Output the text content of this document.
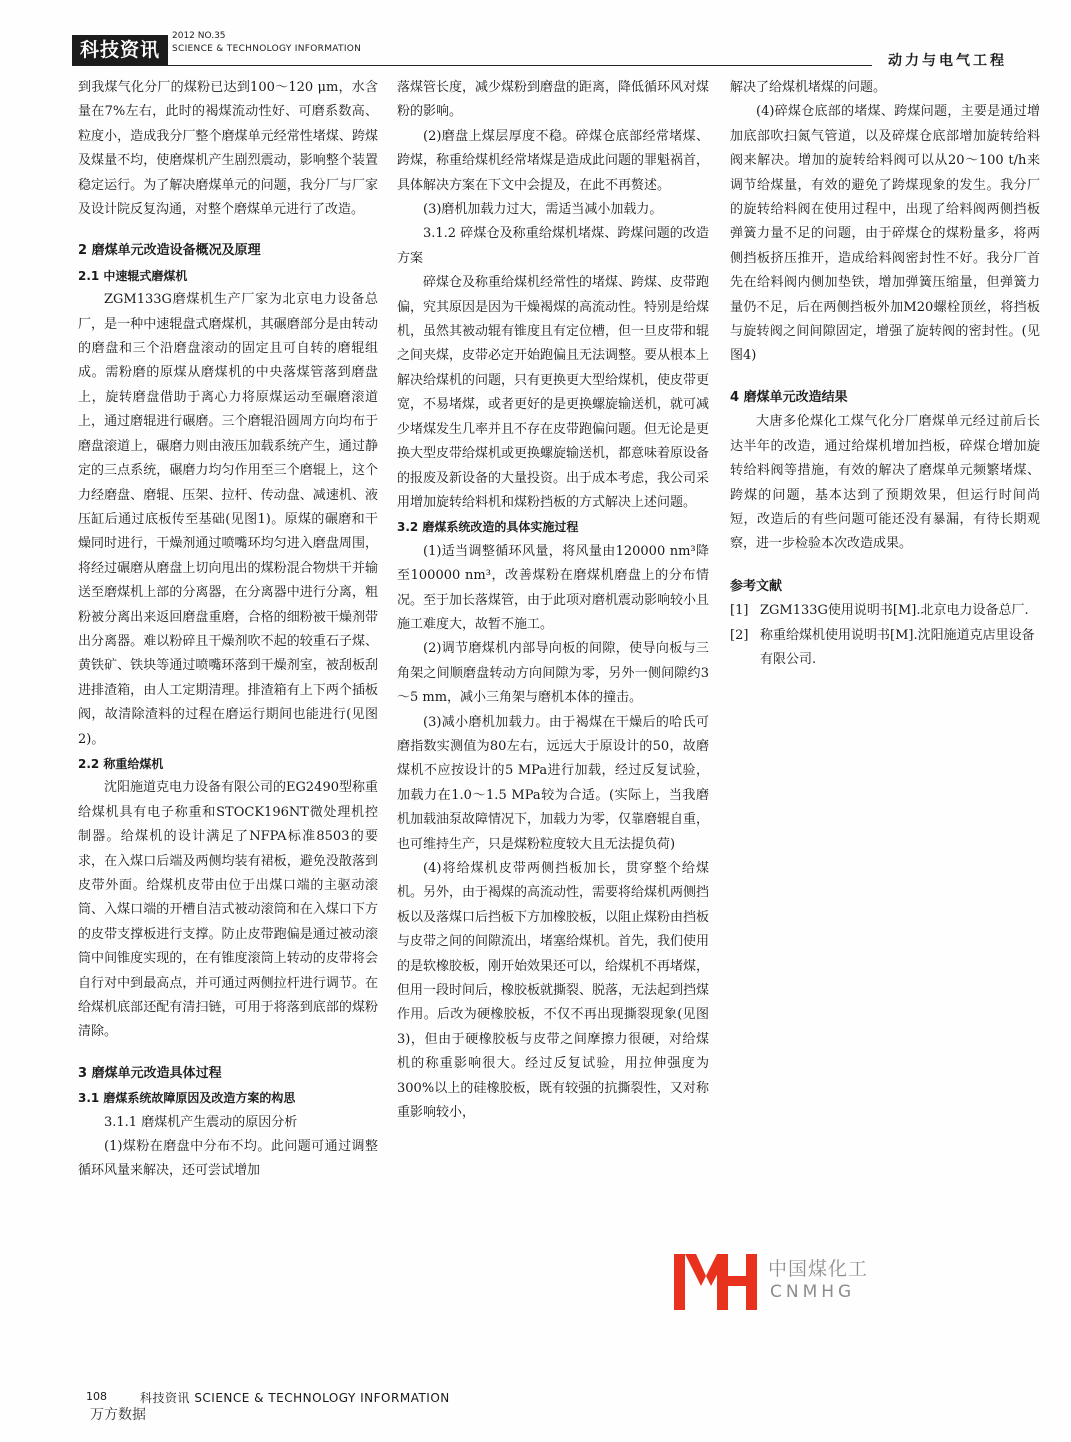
科技资讯
2012 NO.35
SCIENCE & TECHNOLOGY INFORMATION
动力与电气工程

到我煤气化分厂的煤粉已达到100～120 μm，水含量在7%左右，此时的褐煤流动性好、可磨系数高、粒度小，造成我分厂整个磨煤单元经常性堵煤、跨煤及煤量不均，使磨煤机产生剧烈震动，影响整个装置稳定运行。为了解决磨煤单元的问题，我分厂与厂家及设计院反复沟通，对整个磨煤单元进行了改造。

2 磨煤单元改造设备概况及原理

2.1 中速辊式磨煤机

ZGM133G磨煤机生产厂家为北京电力设备总厂，是一种中速辊盘式磨煤机，其碾磨部分是由转动的磨盘和三个沿磨盘滚动的固定且可自转的磨辊组成。需粉磨的原煤从磨煤机的中央落煤管落到磨盘上，旋转磨盘借助于离心力将原煤运动至碾磨滚道上，通过磨辊进行碾磨。三个磨辊沿圆周方向均布于磨盘滚道上，碾磨力则由液压加载系统产生，通过静定的三点系统，碾磨力均匀作用至三个磨辊上，这个力经磨盘、磨辊、压架、拉杆、传动盘、减速机、液压缸后通过底板传至基础(见图1)。原煤的碾磨和干燥同时进行，干燥剂通过喷嘴环均匀进入磨盘周围，将经过碾磨从磨盘上切向甩出的煤粉混合物烘干并输送至磨煤机上部的分离器，在分离器中进行分离，粗粉被分离出来返回磨盘重磨，合格的细粉被干燥剂带出分离器。难以粉碎且干燥剂吹不起的较重石子煤、黄铁矿、铁块等通过喷嘴环落到干燥剂室，被刮板刮进排渣箱，由人工定期清理。排渣箱有上下两个插板阀，故清除渣料的过程在磨运行期间也能进行(见图2)。

2.2 称重给煤机

沈阳施道克电力设备有限公司的EG2490型称重给煤机具有电子称重和STOCK196NT微处理机控制器。给煤机的设计满足了NFPA标准8503的要求，在入煤口后端及两侧均装有裙板，避免没散落到皮带外面。给煤机皮带由位于出煤口端的主驱动滚筒、入煤口端的开槽自洁式被动滚筒和在入煤口下方的皮带支撑板进行支撑。防止皮带跑偏是通过被动滚筒中间锥度实现的，在有锥度滚筒上转动的皮带将会自行对中到最高点，并可通过两侧拉杆进行调节。在给煤机底部还配有清扫链，可用于将落到底部的煤粉清除。

3 磨煤单元改造具体过程

3.1 磨煤系统故障原因及改造方案的构思

3.1.1 磨煤机产生震动的原因分析

(1)煤粉在磨盘中分布不均。此问题可通过调整循环风量来解决，还可尝试增加

落煤管长度，减少煤粉到磨盘的距离，降低循环风对煤粉的影响。

(2)磨盘上煤层厚度不稳。碎煤仓底部经常堵煤、跨煤，称重给煤机经常堵煤是造成此问题的罪魁祸首，具体解决方案在下文中会提及，在此不再赘述。

(3)磨机加载力过大，需适当减小加载力。

3.1.2 碎煤仓及称重给煤机堵煤、跨煤问题的改造方案

碎煤仓及称重给煤机经常性的堵煤、跨煤、皮带跑偏，究其原因是因为干燥褐煤的高流动性。特别是给煤机，虽然其被动辊有锥度且有定位槽，但一旦皮带和辊之间夹煤，皮带必定开始跑偏且无法调整。要从根本上解决给煤机的问题，只有更换更大型给煤机，使皮带更宽，不易堵煤，或者更好的是更换螺旋输送机，就可减少堵煤发生几率并且不存在皮带跑偏问题。但无论是更换大型皮带给煤机或更换螺旋输送机，都意味着原设备的报废及新设备的大量投资。出于成本考虑，我公司采用增加旋转给料机和煤粉挡板的方式解决上述问题。

3.2 磨煤系统改造的具体实施过程

(1)适当调整循环风量，将风量由120000 nm³降至100000 nm³，改善煤粉在磨煤机磨盘上的分布情况。至于加长落煤管，由于此项对磨机震动影响较小且施工难度大，故暂不施工。

(2)调节磨煤机内部导向板的间隙，使导向板与三角架之间顺磨盘转动方向间隙为零，另外一侧间隙约3～5 mm，减小三角架与磨机本体的撞击。

(3)减小磨机加载力。由于褐煤在干燥后的哈氏可磨指数实测值为80左右，远远大于原设计的50，故磨煤机不应按设计的5 MPa进行加载，经过反复试验，加载力在1.0～1.5 MPa较为合适。(实际上，当我磨机加载油泵故障情况下，加载力为零，仅靠磨辊自重，也可维持生产，只是煤粉粒度较大且无法提负荷)

(4)将给煤机皮带两侧挡板加长，贯穿整个给煤机。另外，由于褐煤的高流动性，需要将给煤机两侧挡板以及落煤口后挡板下方加橡胶板，以阻止煤粉由挡板与皮带之间的间隙流出，堵塞给煤机。首先，我们使用的是软橡胶板，刚开始效果还可以，给煤机不再堵煤，但用一段时间后，橡胶板就撕裂、脱落，无法起到挡煤作用。后改为硬橡胶板，不仅不再出现撕裂现象(见图3)，但由于硬橡胶板与皮带之间摩擦力很硬，对给煤机的称重影响很大。经过反复试验，用拉伸强度为300%以上的硅橡胶板，既有较强的抗撕裂性，又对称重影响较小，

解决了给煤机堵煤的问题。

(4)碎煤仓底部的堵煤、跨煤问题，主要是通过增加底部吹扫氮气管道，以及碎煤仓底部增加旋转给料阀来解决。增加的旋转给料阀可以从20～100 t/h来调节给煤量，有效的避免了跨煤现象的发生。我分厂的旋转给料阀在使用过程中，出现了给料阀两侧挡板弹簧力量不足的问题，由于碎煤仓的煤粉量多，将两侧挡板挤压推开，造成给料阀密封性不好。我分厂首先在给料阀内侧加垫铁，增加弹簧压缩量，但弹簧力量仍不足，后在两侧挡板外加M20螺栓顶丝，将挡板与旋转阀之间间隙固定，增强了旋转阀的密封性。(见图4)

4 磨煤单元改造结果

大唐多伦煤化工煤气化分厂磨煤单元经过前后长达半年的改造，通过给煤机增加挡板，碎煤仓增加旋转给料阀等措施，有效的解决了磨煤单元频繁堵煤、跨煤的问题，基本达到了预期效果，但运行时间尚短，改造后的有些问题可能还没有暴漏，有待长期观察，进一步检验本次改造成果。

参考文献

[1] ZGM133G使用说明书[M].北京电力设备总厂.
[2] 称重给煤机使用说明书[M].沈阳施道克店里设备有限公司.
中国煤化工
CNMHG
108	科技资讯 SCIENCE & TECHNOLOGY INFORMATION
万方数据
